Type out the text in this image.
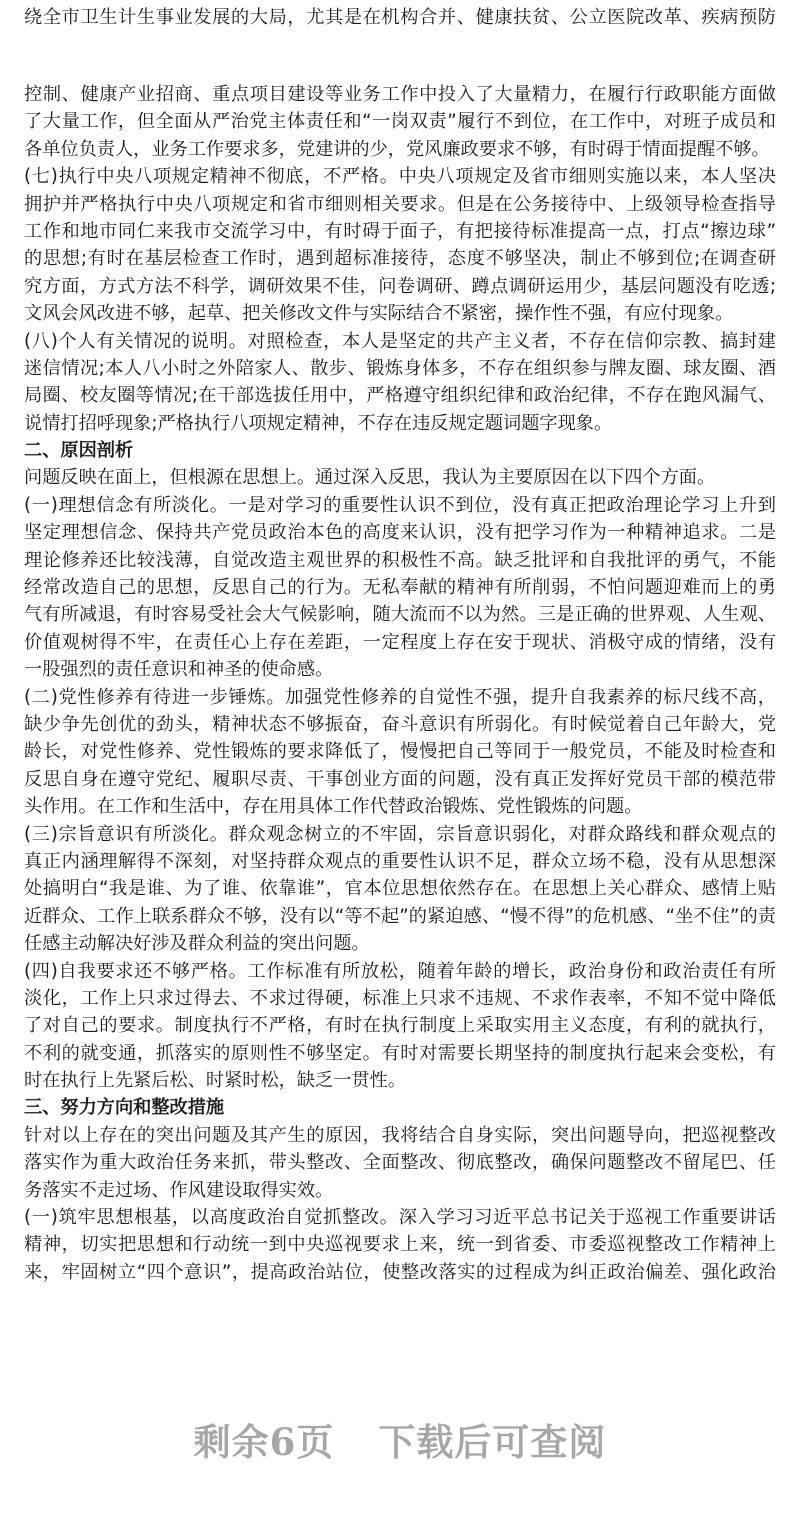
绕全市卫生计生事业发展的大局，尤其是在机构合并、健康扶贫、公立医院改革、疾病预防
控制、健康产业招商、重点项目建设等业务工作中投入了大量精力，在履行行政职能方面做
了大量工作，但全面从严治党主体责任和“一岗双责”履行不到位，在工作中，对班子成员和
各单位负责人，业务工作要求多，党建讲的少，党风廉政要求不够，有时碍于情面提醒不够。
(七)执行中央八项规定精神不彻底，不严格。中央八项规定及省市细则实施以来，本人坚决
拥护并严格执行中央八项规定和省市细则相关要求。但是在公务接待中、上级领导检查指导
工作和地市同仁来我市交流学习中，有时碍于面子，有把接待标准提高一点，打点“擦边球”
的思想;有时在基层检查工作时，遇到超标准接待，态度不够坚决，制止不够到位;在调查研
究方面，方式方法不科学，调研效果不佳，问卷调研、蹲点调研运用少，基层问题没有吃透;
文风会风改进不够，起草、把关修改文件与实际结合不紧密，操作性不强，有应付现象。
(八)个人有关情况的说明。对照检查，本人是坚定的共产主义者，不存在信仰宗教、搞封建
迷信情况;本人八小时之外陪家人、散步、锻炼身体多，不存在组织参与牌友圈、球友圈、酒
局圈、校友圈等情况;在干部选拔任用中，严格遵守组织纪律和政治纪律，不存在跑风漏气、
说情打招呼现象;严格执行八项规定精神，不存在违反规定题词题字现象。
二、原因剖析
问题反映在面上，但根源在思想上。通过深入反思，我认为主要原因在以下四个方面。
(一)理想信念有所淡化。一是对学习的重要性认识不到位，没有真正把政治理论学习上升到
坚定理想信念、保持共产党员政治本色的高度来认识，没有把学习作为一种精神追求。二是
理论修养还比较浅薄，自觉改造主观世界的积极性不高。缺乏批评和自我批评的勇气，不能
经常改造自己的思想，反思自己的行为。无私奉献的精神有所削弱，不怕问题迎难而上的勇
气有所减退，有时容易受社会大气候影响，随大流而不以为然。三是正确的世界观、人生观、
价值观树得不牢，在责任心上存在差距，一定程度上存在安于现状、消极守成的情绪，没有
一股强烈的责任意识和神圣的使命感。
(二)党性修养有待进一步锤炼。加强党性修养的自觉性不强，提升自我素养的标尺线不高，
缺少争先创优的劲头，精神状态不够振奋，奋斗意识有所弱化。有时候觉着自己年龄大，党
龄长，对党性修养、党性锻炼的要求降低了，慢慢把自己等同于一般党员，不能及时检查和
反思自身在遵守党纪、履职尽责、干事创业方面的问题，没有真正发挥好党员干部的模范带
头作用。在工作和生活中，存在用具体工作代替政治锻炼、党性锻炼的问题。
(三)宗旨意识有所淡化。群众观念树立的不牢固，宗旨意识弱化，对群众路线和群众观点的
真正内涵理解得不深刻，对坚持群众观点的重要性认识不足，群众立场不稳，没有从思想深
处搞明白“我是谁、为了谁、依靠谁”，官本位思想依然存在。在思想上关心群众、感情上贴
近群众、工作上联系群众不够，没有以“等不起”的紧迫感、“慢不得”的危机感、“坐不住”的责
任感主动解决好涉及群众利益的突出问题。
(四)自我要求还不够严格。工作标准有所放松，随着年龄的增长，政治身份和政治责任有所
淡化，工作上只求过得去、不求过得硬，标准上只求不违规、不求作表率，不知不觉中降低
了对自己的要求。制度执行不严格，有时在执行制度上采取实用主义态度，有利的就执行，
不利的就变通，抓落实的原则性不够坚定。有时对需要长期坚持的制度执行起来会变松，有
时在执行上先紧后松、时紧时松，缺乏一贯性。
三、努力方向和整改措施
针对以上存在的突出问题及其产生的原因，我将结合自身实际，突出问题导向，把巡视整改
落实作为重大政治任务来抓，带头整改、全面整改、彻底整改，确保问题整改不留尾巴、任
务落实不走过场、作风建设取得实效。
(一)筑牢思想根基，以高度政治自觉抓整改。深入学习习近平总书记关于巡视工作重要讲话
精神，切实把思想和行动统一到中央巡视要求上来，统一到省委、市委巡视整改工作精神上
来，牢固树立“四个意识”，提高政治站位，使整改落实的过程成为纠正政治偏差、强化政治
剩余6页 下载后可查阅
